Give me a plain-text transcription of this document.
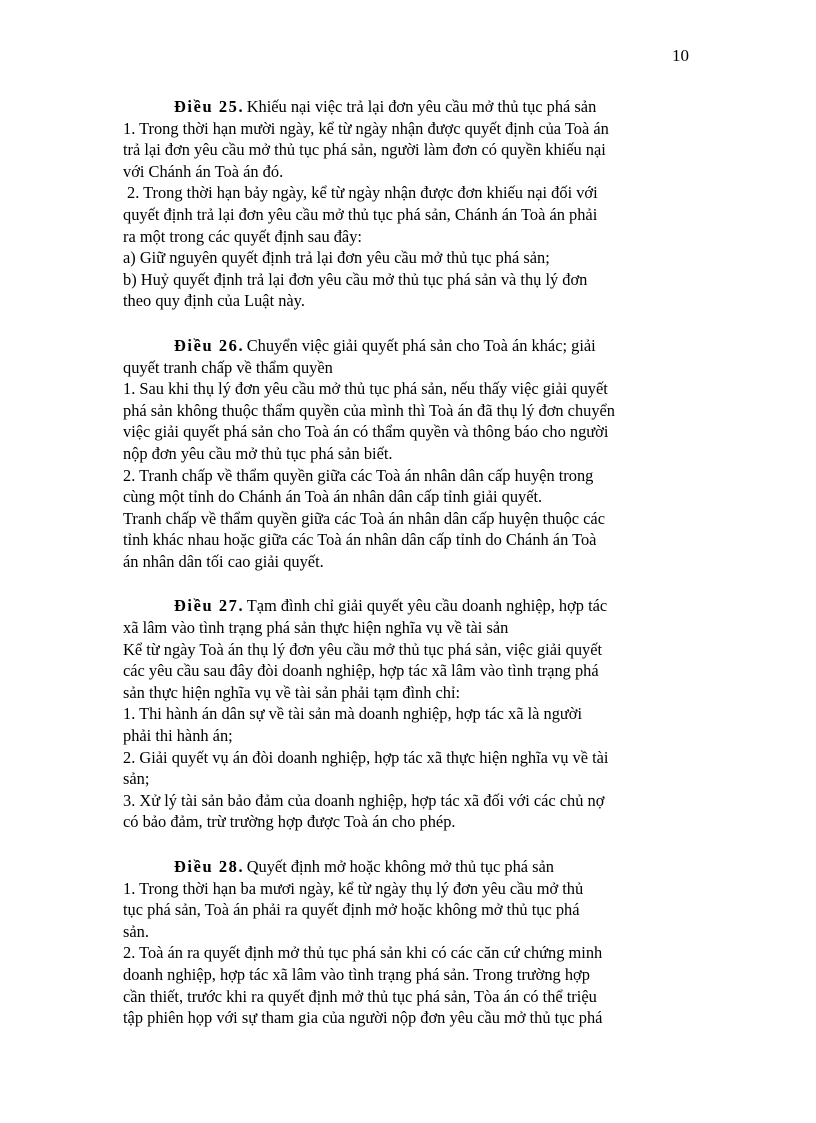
10

Điều 25. Khiếu nại việc trả lại đơn yêu cầu mở thủ tục phá sản

1. Trong thời hạn mười ngày, kể từ ngày nhận được quyết định của Toà án

trả lại đơn yêu cầu mở thủ tục phá sản, người làm đơn có quyền khiếu nại

với Chánh án Toà án đó.

2. Trong thời hạn bảy ngày, kể từ ngày nhận được đơn khiếu nại đối với

quyết định trả lại đơn yêu cầu mở thủ tục phá sản, Chánh án Toà án phải

ra một trong các quyết định sau đây:

a) Giữ nguyên quyết định trả lại đơn yêu cầu mở thủ tục phá sản;

b) Huỷ quyết định trả lại đơn yêu cầu mở thủ tục phá sản và thụ lý đơn

theo quy định của Luật này.

Điều 26. Chuyển việc giải quyết phá sản cho Toà án khác; giải

quyết tranh chấp về thẩm quyền

1. Sau khi thụ lý đơn yêu cầu mở thủ tục phá sản, nếu thấy việc giải quyết

phá sản không thuộc thẩm quyền của mình thì Toà án đã thụ lý đơn chuyển

việc giải quyết phá sản cho Toà án có thẩm quyền và thông báo cho người

nộp đơn yêu cầu mở thủ tục phá sản biết.

2. Tranh chấp về thẩm quyền giữa các Toà án nhân dân cấp huyện trong

cùng một tỉnh do Chánh án Toà án nhân dân cấp tỉnh giải quyết.

Tranh chấp về thẩm quyền giữa các Toà án nhân dân cấp huyện thuộc các

tỉnh khác nhau hoặc giữa các Toà án nhân dân cấp tỉnh do Chánh án Toà

án nhân dân tối cao giải quyết.

Điều 27. Tạm đình chỉ giải quyết yêu cầu doanh nghiệp, hợp tác

xã lâm vào tình trạng phá sản thực hiện nghĩa vụ về tài sản

Kể từ ngày Toà án thụ lý đơn yêu cầu mở thủ tục phá sản, việc giải quyết

các yêu cầu sau đây đòi doanh nghiệp, hợp tác xã lâm vào tình trạng phá

sản thực hiện nghĩa vụ về tài sản phải tạm đình chỉ:

1. Thi hành án dân sự về tài sản mà doanh nghiệp, hợp tác xã là người

phải thi hành án;

2. Giải quyết vụ án đòi doanh nghiệp, hợp tác xã thực hiện nghĩa vụ về tài

sản;

3. Xử lý tài sản bảo đảm của doanh nghiệp, hợp tác xã đối với các chủ nợ

có bảo đảm, trừ trường hợp được Toà án cho phép.

Điều 28. Quyết định mở hoặc không mở thủ tục phá sản

1. Trong thời hạn ba mươi ngày, kể từ ngày thụ lý đơn yêu cầu mở thủ

tục phá sản, Toà án phải ra quyết định mở hoặc không mở thủ tục phá

sản.

2. Toà án ra quyết định mở thủ tục phá sản khi có các căn cứ chứng minh

doanh nghiệp, hợp tác xã lâm vào tình trạng phá sản. Trong trường hợp

cần thiết, trước khi ra quyết định mở thủ tục phá sản, Tòa án có thể triệu

tập phiên họp với sự tham gia của người nộp đơn yêu cầu mở thủ tục phá
